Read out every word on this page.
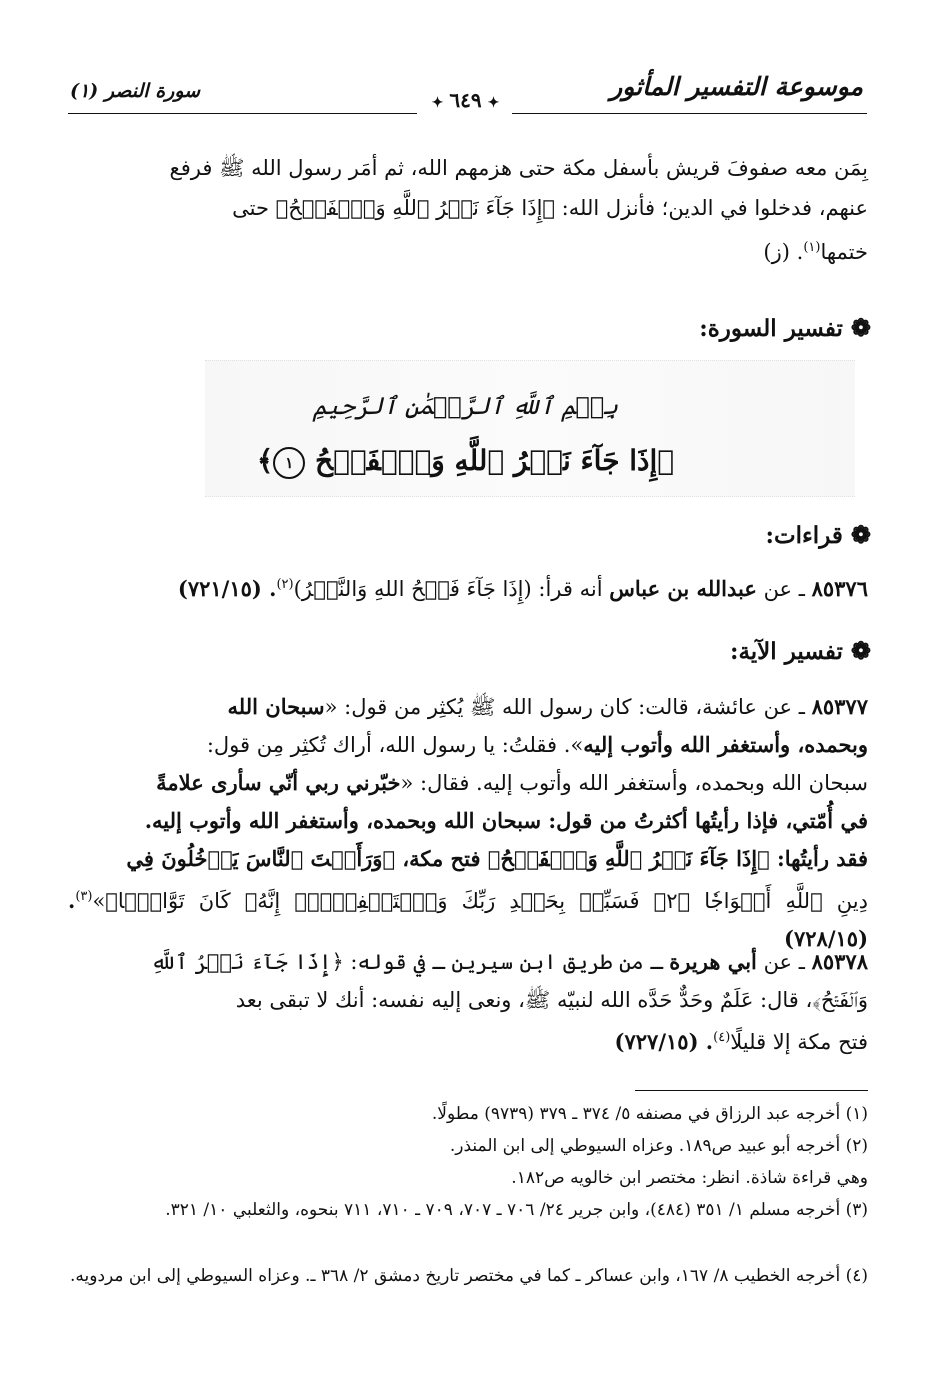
موسوعة التفسير المأثور
سورة النصر (١)
✦٦٤٩✦

بِمَن معه صفوفَ قريش بأسفل مكة حتى هزمهم الله، ثم أمَر رسول الله ﷺ فرفع

عنهم، فدخلوا في الدين؛ فأنزل الله: ﴿إِذَا جَآءَ نَصۡرُ ٱللَّهِ وَٱلۡفَتۡحُ﴾ حتى

ختمها$^{(١)}$. (ز)

❁تفسير السورة:
بِسۡمِ ٱللَّهِ ٱلرَّحۡمَٰنِ ٱلرَّحِيمِ
﴿إِذَا جَآءَ نَصۡرُ ٱللَّهِ وَٱلۡفَتۡحُ ١﴾
❁قراءات:

٨٥٣٧٦ ـ عن عبدالله بن عباس أنه قرأ: (إِذَا جَآءَ فَتۡحُ اللهِ وَالنَّصۡرُ)$^{(٢)}$. (٧٢١/١٥)

❁تفسير الآية:

٨٥٣٧٧ ـ عن عائشة، قالت: كان رسول الله ﷺ يُكثِر من قول: «سبحان الله

وبحمده، وأستغفر الله وأتوب إليه». فقلتُ: يا رسول الله، أراك تُكثِر مِن قول:

سبحان الله وبحمده، وأستغفر الله وأتوب إليه. فقال: «خبّرني ربي أنّي سأرى علامةً

في أُمّتي، فإذا رأيتُها أكثرتُ من قول: سبحان الله وبحمده، وأستغفر الله وأتوب إليه.

فقد رأيتُها: ﴿إِذَا جَآءَ نَصۡرُ ٱللَّهِ وَٱلۡفَتۡحُ﴾ فتح مكة، ﴿وَرَأَيۡتَ ٱلنَّاسَ يَدۡخُلُونَ فِي

دِينِ ٱللَّهِ أَفۡوَاجٗا ﴿٢﴾ فَسَبِّحۡ بِحَمۡدِ رَبِّكَ وَٱسۡتَغۡفِرۡهُۚ إِنَّهُۥ كَانَ تَوَّابَۢا﴾»$^{(٣)}$. (٧٢٨/١٥)

٨٥٣٧٨ ـ عن أبي هريرة ـ من طريق ابن سيرين ـ في قوله: ﴿إِذَا جَآءَ نَصۡرُ ٱللَّهِ

وَٱلۡفَتۡحُ﴾، قال: عَلَمٌ وحَدٌّ حَدَّه الله لنبيّه ﷺ، ونعى إليه نفسه: أنك لا تبقى بعد

فتح مكة إلا قليلًا$^{(٤)}$. (٧٢٧/١٥)

(١) أخرجه عبد الرزاق في مصنفه ٥/ ٣٧٤ ـ ٣٧٩ (٩٧٣٩) مطولًا.

(٢) أخرجه أبو عبيد ص١٨٩. وعزاه السيوطي إلى ابن المنذر.

وهي قراءة شاذة. انظر: مختصر ابن خالويه ص١٨٢.

(٣) أخرجه مسلم ١/ ٣٥١ (٤٨٤)، وابن جرير ٢٤/ ٧٠٦ ـ ٧٠٧، ٧٠٩ ـ ٧١٠، ٧١١ بنحوه، والثعلبي ١٠/ ٣٢١.

(٤) أخرجه الخطيب ٨/ ١٦٧، وابن عساكر ـ كما في مختصر تاريخ دمشق ٢/ ٣٦٨ ـ. وعزاه السيوطي إلى ابن مردويه.
